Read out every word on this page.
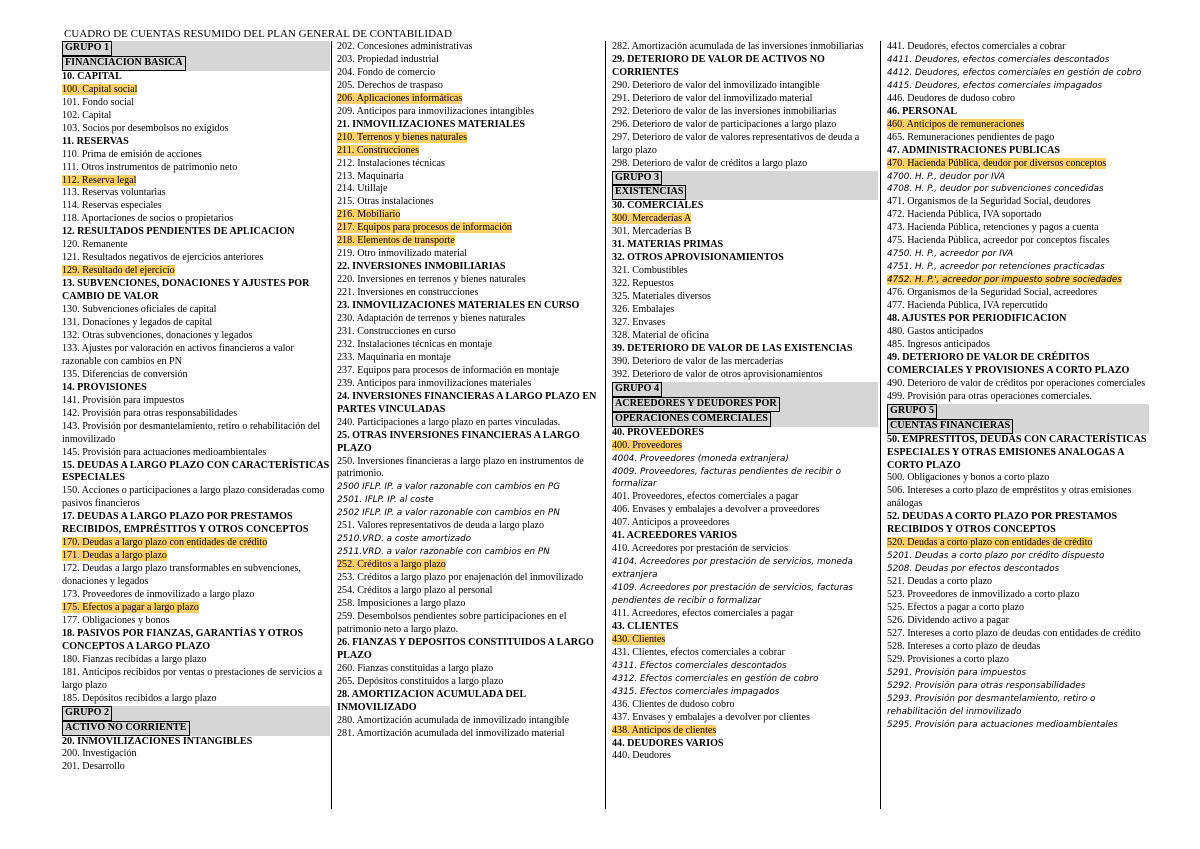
CUADRO DE CUENTAS RESUMIDO DEL PLAN GENERAL DE CONTABILIDAD
GRUPO 1
FINANCIACION BASICA
10. CAPITAL
100. Capital social
101. Fondo social
102. Capital
103. Socios por desembolsos no exigidos
11. RESERVAS
110. Prima de emisión de acciones
111. Otros instrumentos de patrimonio neto
112. Reserva legal
113. Reservas voluntarias
114. Reservas especiales
118. Aportaciones de socios o propietarios
12. RESULTADOS PENDIENTES DE APLICACION
120. Remanente
121. Resultados negativos de ejercicios anteriores
129. Resultado del ejercicio
13. SUBVENCIONES, DONACIONES Y AJUSTES POR CAMBIO DE VALOR
130. Subvenciones oficiales de capital
131. Donaciones y legados de capital
132. Otras subvenciones, donaciones y legados
133. Ajustes por valoración en activos financieros a valor razonable con cambios en PN
135. Diferencias de conversión
14. PROVISIONES
141. Provisión para impuestos
142. Provisión para otras responsabilidades
143. Provisión por desmantelamiento, retiro o rehabilitación del inmovilizado
145. Provisión para actuaciones medioambientales
15. DEUDAS A LARGO PLAZO CON CARACTERÍSTICAS ESPECIALES
150. Acciones o participaciones a largo plazo consideradas como pasivos financieros
17. DEUDAS A LARGO PLAZO POR PRESTAMOS RECIBIDOS, EMPRÉSTITOS Y OTROS CONCEPTOS
170. Deudas a largo plazo con entidades de crédito
171. Deudas a largo plazo
172. Deudas a largo plazo transformables en subvenciones, donaciones y legados
173. Proveedores de inmovilizado a largo plazo
175. Efectos a pagar a largo plazo
177. Obligaciones y bonos
18. PASIVOS POR FIANZAS, GARANTÍAS Y OTROS CONCEPTOS A LARGO PLAZO
180. Fianzas recibidas a largo plazo
181. Anticipos recibidos por ventas o prestaciones de servicios a largo plazo
185. Depósitos recibidos a largo plazo
GRUPO 2
ACTIVO NO CORRIENTE
20. INMOVILIZACIONES INTANGIBLES
200. Investigación
201. Desarrollo
202. Concesiones administrativas
203. Propiedad industrial
204. Fondo de comercio
205. Derechos de traspaso
206. Aplicaciones informáticas
209. Anticipos para inmovilizaciones intangibles
21. INMOVILIZACIONES MATERIALES
210. Terrenos y bienes naturales
211. Construcciones
212. Instalaciones técnicas
213. Maquinaria
214. Utillaje
215. Otras instalaciones
216. Mobiliario
217. Equipos para procesos de información
218. Elementos de transporte
219. Otro inmovilizado material
22. INVERSIONES INMOBILIARIAS
220. Inversiones en terrenos y bienes naturales
221. Inversiones en construcciones
23. INMOVILIZACIONES MATERIALES EN CURSO
230. Adaptación de terrenos y bienes naturales
231. Construcciones en curso
232. Instalaciones técnicas en montaje
233. Maquinaria en montaje
237. Equipos para procesos de información en montaje
239. Anticipos para inmovilizaciones materiales
24. INVERSIONES FINANCIERAS A LARGO PLAZO EN PARTES VINCULADAS
240. Participaciones a largo plazo en partes vinculadas.
25. OTRAS INVERSIONES FINANCIERAS A LARGO PLAZO
250. Inversiones financieras a largo plazo en instrumentos de patrimonio.
2500 IFLP. IP. a valor razonable con cambios en PG
2501. IFLP. IP. al coste
2502 IFLP. IP. a valor razonable con cambios en PN
251. Valores representativos de deuda a largo plazo
2510.VRD. a coste amortizado
2511.VRD. a valor razonable con cambios en PN
252. Créditos a largo plazo
253. Créditos a largo plazo por enajenación del inmovilizado
254. Créditos a largo plazo al personal
258. Imposiciones a largo plazo
259. Desembolsos pendientes sobre participaciones en el patrimonio neto a largo plazo.
26. FIANZAS Y DEPOSITOS CONSTITUIDOS A LARGO PLAZO
260. Fianzas constituidas a largo plazo
265. Depósitos constituidos a largo plazo
28. AMORTIZACION ACUMULADA DEL INMOVILIZADO
280. Amortización acumulada de inmovilizado intangible
281. Amortización acumulada del inmovilizado material
282. Amortización acumulada de las inversiones inmobiliarias
29. DETERIORO DE VALOR DE ACTIVOS NO CORRIENTES
290. Deterioro de valor del inmovilizado intangible
291. Deterioro de valor del inmovilizado material
292. Deterioro de valor de las inversiones inmobiliarias
296. Deterioro de valor de participaciones a largo plazo
297. Deterioro de valor de valores representativos de deuda a largo plazo
298. Deterioro de valor de créditos a largo plazo
GRUPO 3
EXISTENCIAS
30. COMERCIALES
300. Mercaderías A
301. Mercaderías B
31. MATERIAS PRIMAS
32. OTROS APROVISIONAMIENTOS
321. Combustibles
322. Repuestos
325. Materiales diversos
326. Embalajes
327. Envases
328. Material de oficina
39. DETERIORO DE VALOR DE LAS EXISTENCIAS
390. Deterioro de valor de las mercaderías
392. Deterioro de valor de otros aprovisionamientos
GRUPO 4
ACREEDORES Y DEUDORES POR
OPERACIONES COMERCIALES
40. PROVEEDORES
400. Proveedores
4004. Proveedores (moneda extranjera)
4009. Proveedores, facturas pendientes de recibir o formalizar
401. Proveedores, efectos comerciales a pagar
406. Envases y embalajes a devolver a proveedores
407. Anticipos a proveedores
41. ACREEDORES VARIOS
410. Acreedores por prestación de servicios
4104. Acreedores por prestación de servicios, moneda extranjera
4109. Acreedores por prestación de servicios, facturas pendientes de recibir o formalizar
411. Acreedores, efectos comerciales a pagar
43. CLIENTES
430. Clientes
431. Clientes, efectos comerciales a cobrar
4311. Efectos comerciales descontados
4312. Efectos comerciales en gestión de cobro
4315. Efectos comerciales impagados
436. Clientes de dudoso cobro
437. Envases y embalajes a devolver por clientes
438. Anticipos de clientes
44. DEUDORES VARIOS
440. Deudores
441. Deudores, efectos comerciales a cobrar
4411. Deudores, efectos comerciales descontados
4412. Deudores, efectos comerciales en gestión de cobro
4415. Deudores, efectos comerciales impagados
446. Deudores de dudoso cobro
46. PERSONAL
460. Anticipos de remuneraciones
465. Remuneraciones pendientes de pago
47. ADMINISTRACIONES PUBLICAS
470. Hacienda Pública, deudor por diversos conceptos
4700. H. P., deudor por IVA
4708. H. P., deudor por subvenciones concedidas
471. Organismos de la Seguridad Social, deudores
472. Hacienda Pública, IVA soportado
473. Hacienda Pública, retenciones y pagos a cuenta
475. Hacienda Pública, acreedor por conceptos fiscales
4750. H. P., acreedor por IVA
4751. H. P., acreedor por retenciones practicadas
4752. H. P.', acreedor por impuesto sobre sociedades
476. Organismos de la Seguridad Social, acreedores
477. Hacienda Pública, IVA repercutido
48. AJUSTES POR PERIODIFICACION
480. Gastos anticipados
485. Ingresos anticipados
49. DETERIORO DE VALOR DE CRÉDITOS COMERCIALES Y PROVISIONES A CORTO PLAZO
490. Deterioro de valor de créditos por operaciones comerciales
499. Provisión para otras operaciones comerciales.
GRUPO 5
CUENTAS FINANCIERAS
50. EMPRESTITOS, DEUDAS CON CARACTERÍSTICAS ESPECIALES Y OTRAS EMISIONES ANALOGAS A CORTO PLAZO
500. Obligaciones y bonos a corto plazo
506. Intereses a corto plazo de empréstitos y otras emisiones análogas
52. DEUDAS A CORTO PLAZO POR PRESTAMOS RECIBIDOS Y OTROS CONCEPTOS
520. Deudas a corto plazo con entidades de crédito
5201. Deudas a corto plazo por crédito dispuesto
5208. Deudas por efectos descontados
521. Deudas a corto plazo
523. Proveedores de inmovilizado a corto plazo
525. Efectos a pagar a corto plazo
526. Dividendo activo a pagar
527. Intereses a corto plazo de deudas con entidades de crédito
528. Intereses a corto plazo de deudas
529. Provisiones a corto plazo
5291. Provisión para impuestos
5292. Provisión para otras responsabilidades
5293. Provisión por desmantelamiento, retiro o rehabilitación del inmovilizado
5295. Provisión para actuaciones medioambientales
